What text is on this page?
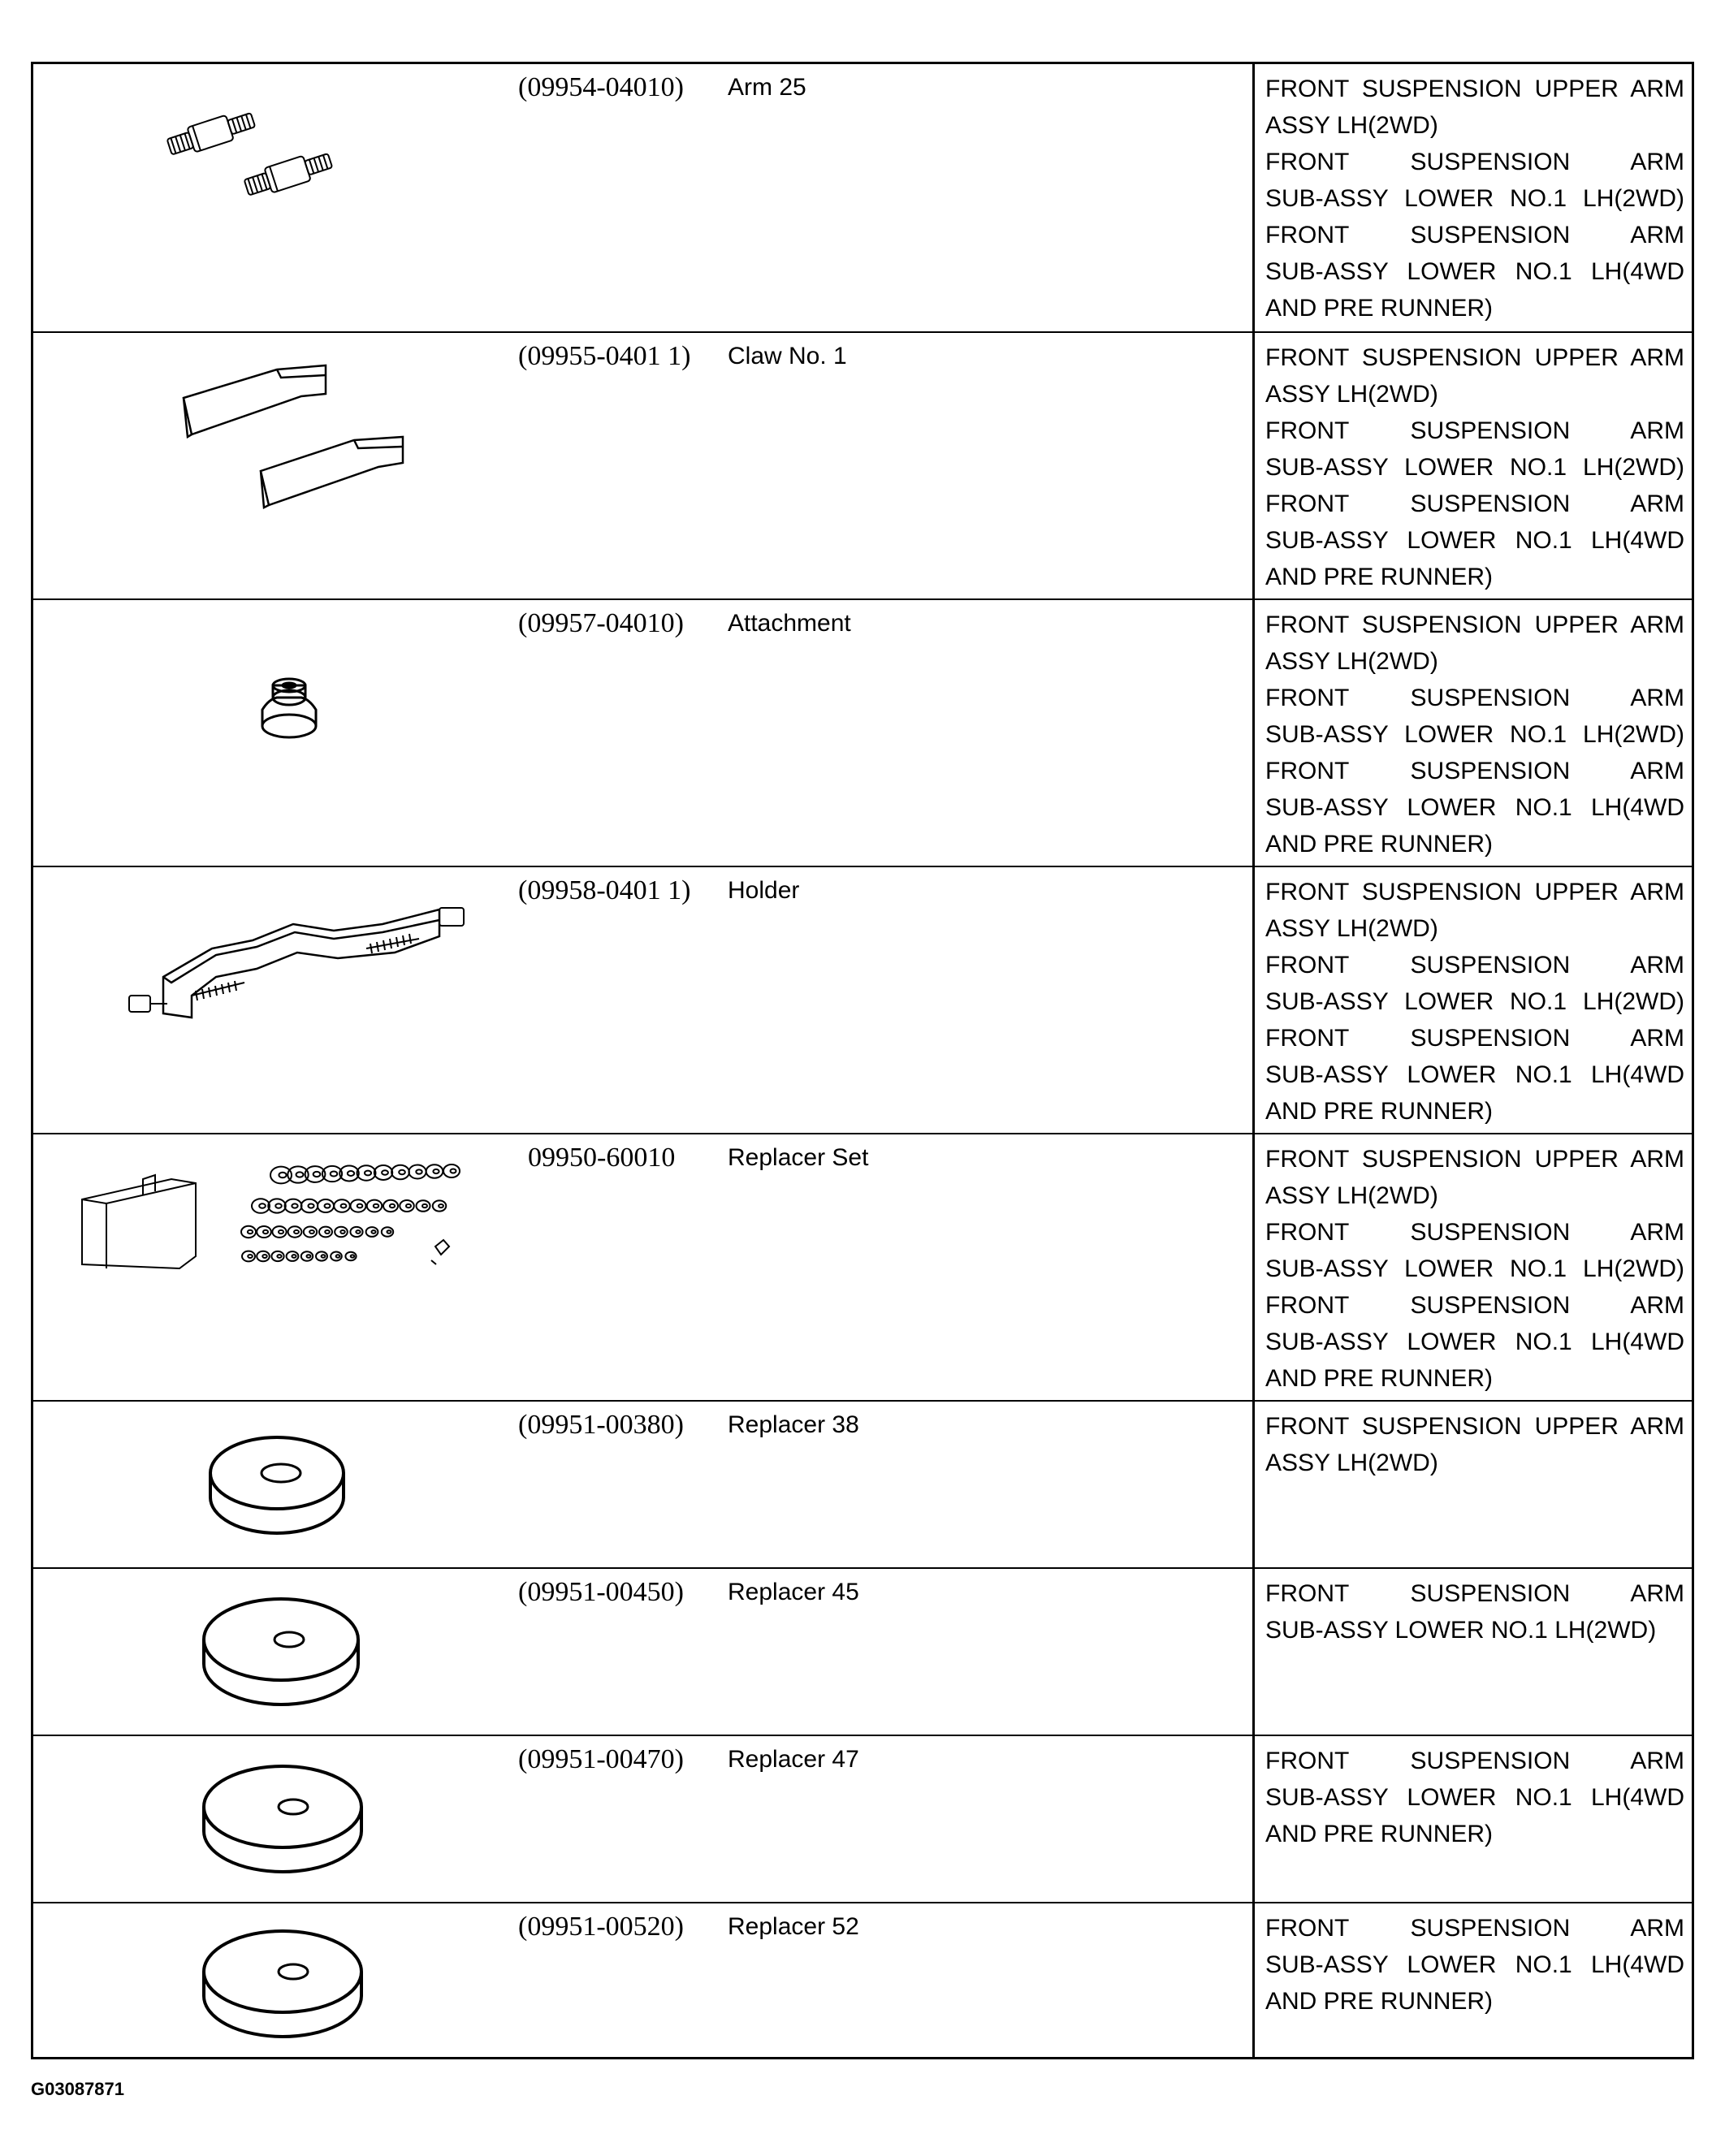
(09954-04010) Arm 25	FRONT SUSPENSION UPPER ARM

ASSY LH(2WD)

FRONT SUSPENSION ARM

SUB-ASSY LOWER NO.1 LH(2WD)

FRONT SUSPENSION ARM

SUB-ASSY LOWER NO.1 LH(4WD

AND PRE RUNNER)

(09955-0401 1) Claw No. 1	FRONT SUSPENSION UPPER ARM

ASSY LH(2WD)

FRONT SUSPENSION ARM

SUB-ASSY LOWER NO.1 LH(2WD)

FRONT SUSPENSION ARM

SUB-ASSY LOWER NO.1 LH(4WD

AND PRE RUNNER)

(09957-04010) Attachment	FRONT SUSPENSION UPPER ARM

ASSY LH(2WD)

FRONT SUSPENSION ARM

SUB-ASSY LOWER NO.1 LH(2WD)

FRONT SUSPENSION ARM

SUB-ASSY LOWER NO.1 LH(4WD

AND PRE RUNNER)

(09958-0401 1) Holder	FRONT SUSPENSION UPPER ARM

ASSY LH(2WD)

FRONT SUSPENSION ARM

SUB-ASSY LOWER NO.1 LH(2WD)

FRONT SUSPENSION ARM

SUB-ASSY LOWER NO.1 LH(4WD

AND PRE RUNNER)

09950-60010 Replacer Set	FRONT SUSPENSION UPPER ARM

ASSY LH(2WD)

FRONT SUSPENSION ARM

SUB-ASSY LOWER NO.1 LH(2WD)

FRONT SUSPENSION ARM

SUB-ASSY LOWER NO.1 LH(4WD

AND PRE RUNNER)

(09951-00380) Replacer 38	FRONT SUSPENSION UPPER ARM

ASSY LH(2WD)

(09951-00450) Replacer 45	FRONT SUSPENSION ARM

SUB-ASSY LOWER NO.1 LH(2WD)

(09951-00470) Replacer 47	FRONT SUSPENSION ARM

SUB-ASSY LOWER NO.1 LH(4WD

AND PRE RUNNER)

(09951-00520) Replacer 52	FRONT SUSPENSION ARM

SUB-ASSY LOWER NO.1 LH(4WD

AND PRE RUNNER)

G03087871
